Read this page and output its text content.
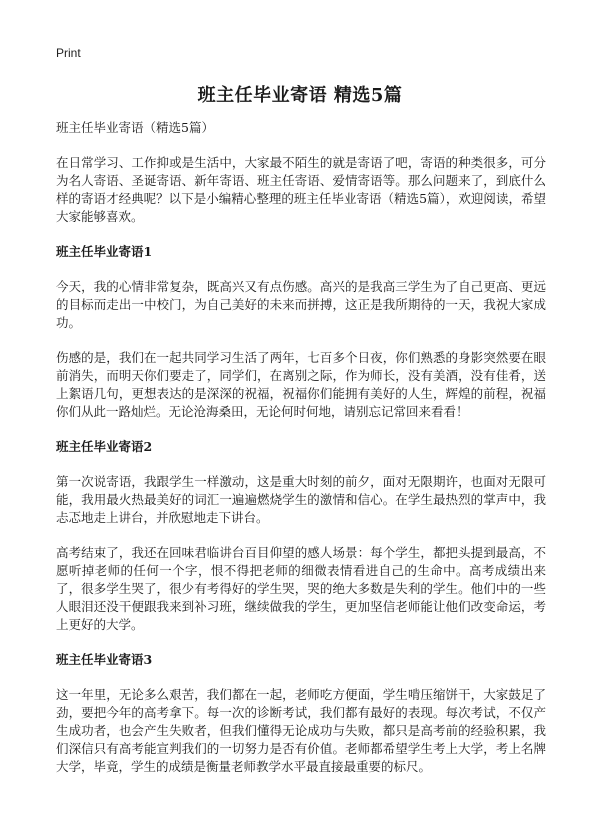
Print
班主任毕业寄语 精选5篇

班主任毕业寄语（精选5篇）

在日常学习、工作抑或是生活中，大家最不陌生的就是寄语了吧，寄语的种类很多，可分为名人寄语、圣诞寄语、新年寄语、班主任寄语、爱情寄语等。那么问题来了，到底什么样的寄语才经典呢？以下是小编精心整理的班主任毕业寄语（精选5篇），欢迎阅读，希望大家能够喜欢。

班主任毕业寄语1

今天，我的心情非常复杂，既高兴又有点伤感。高兴的是我高三学生为了自己更高、更远的目标而走出一中校门，为自己美好的未来而拼搏，这正是我所期待的一天，我祝大家成功。

伤感的是，我们在一起共同学习生活了两年，七百多个日夜，你们熟悉的身影突然要在眼前消失，而明天你们要走了，同学们，在离别之际，作为师长，没有美酒，没有佳肴，送上絮语几句，更想表达的是深深的祝福，祝福你们能拥有美好的人生，辉煌的前程，祝福你们从此一路灿烂。无论沧海桑田，无论何时何地，请别忘记常回来看看！

班主任毕业寄语2

第一次说寄语，我跟学生一样激动，这是重大时刻的前夕，面对无限期许，也面对无限可能，我用最火热最美好的词汇一遍遍燃烧学生的激情和信心。在学生最热烈的掌声中，我忐忑地走上讲台，并欣慰地走下讲台。

高考结束了，我还在回味君临讲台百目仰望的感人场景：每个学生，都把头提到最高，不愿听掉老师的任何一个字，恨不得把老师的细微表情看进自己的生命中。高考成绩出来了，很多学生哭了，很少有考得好的学生哭，哭的绝大多数是失利的学生。他们中的一些人眼泪还没干便跟我来到补习班，继续做我的学生，更加坚信老师能让他们改变命运，考上更好的大学。

班主任毕业寄语3

这一年里，无论多么艰苦，我们都在一起，老师吃方便面，学生啃压缩饼干，大家鼓足了劲，要把今年的高考拿下。每一次的诊断考试，我们都有最好的表现。每次考试，不仅产生成功者，也会产生失败者，但我们懂得无论成功与失败，都只是高考前的经验积累，我们深信只有高考能宣判我们的一切努力是否有价值。老师都希望学生考上大学，考上名牌大学，毕竟，学生的成绩是衡量老师教学水平最直接最重要的标尺。
